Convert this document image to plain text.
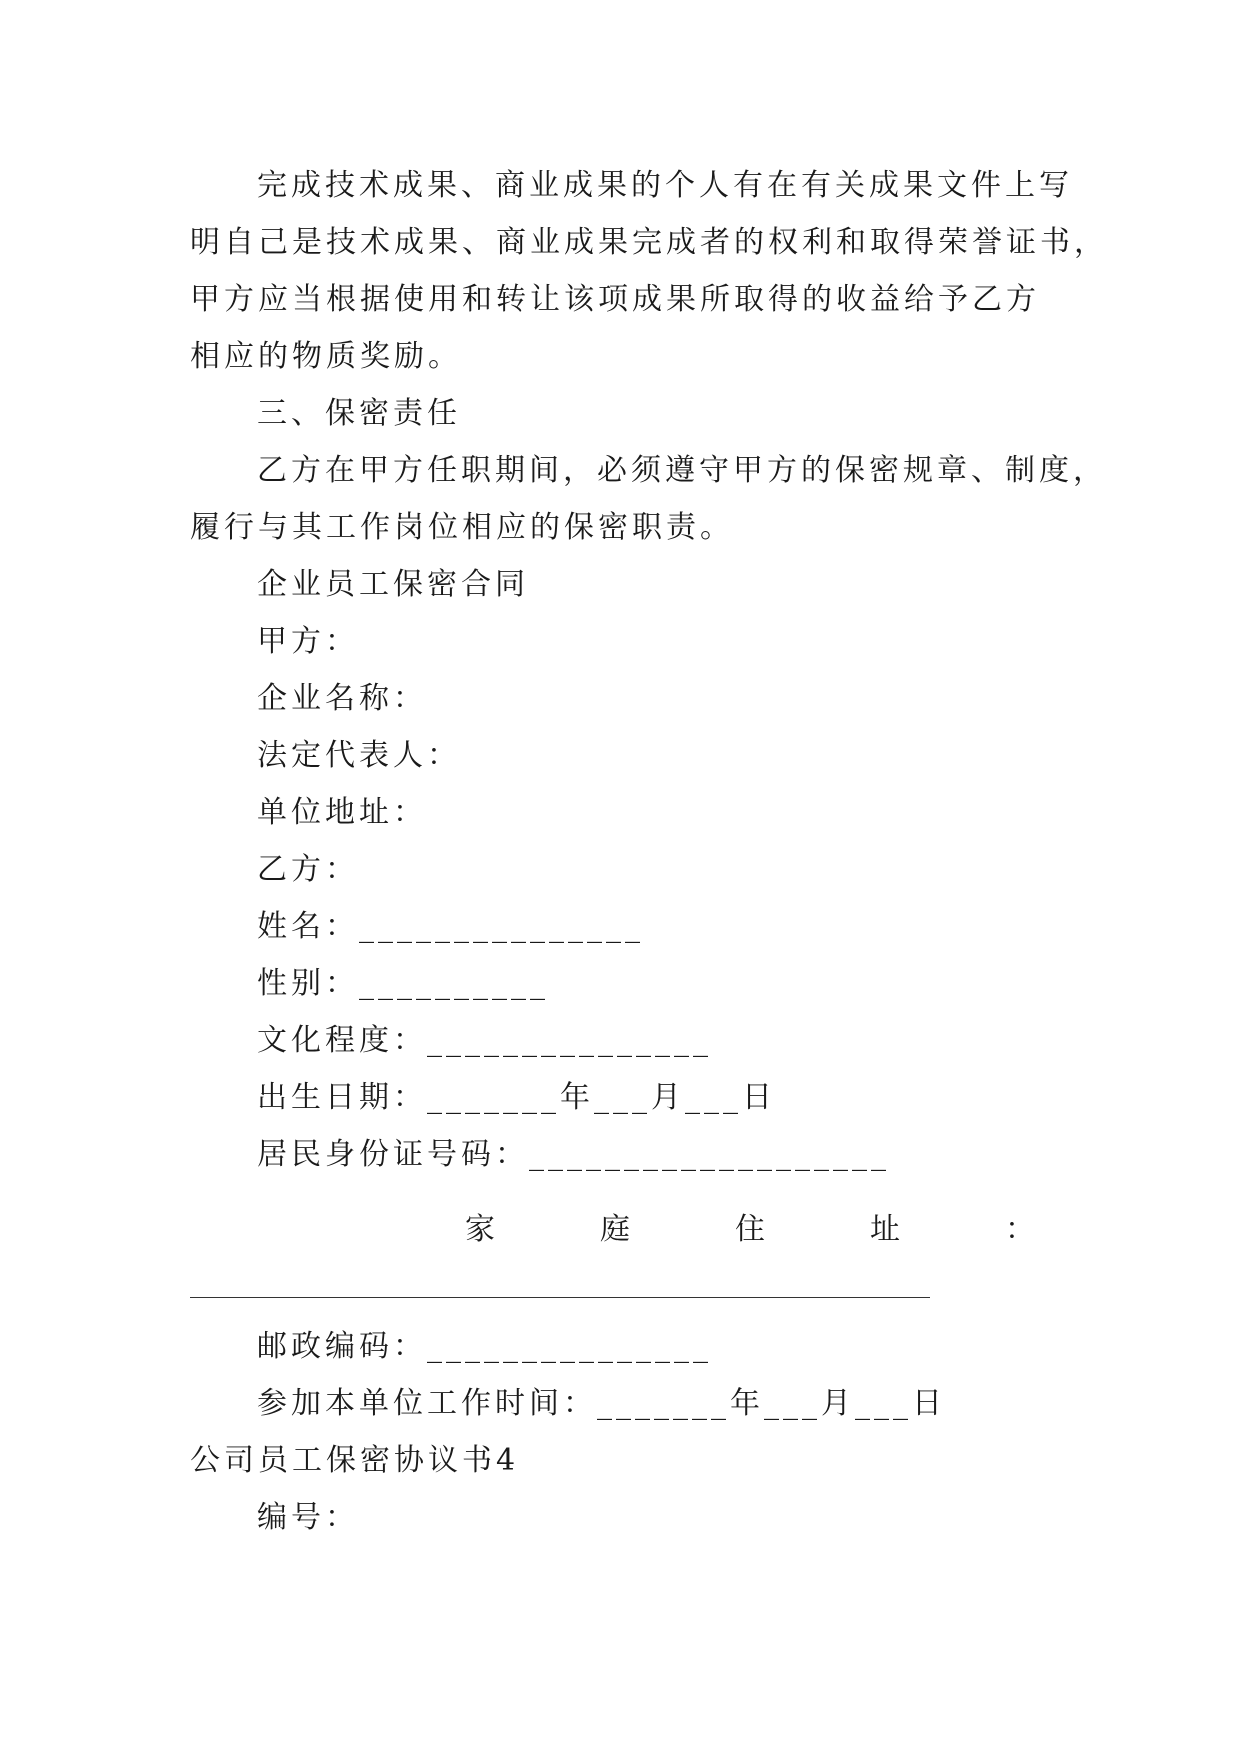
完成技术成果、商业成果的个人有在有关成果文件上写
明自己是技术成果、商业成果完成者的权利和取得荣誉证书，
甲方应当根据使用和转让该项成果所取得的收益给予乙方
相应的物质奖励。
三、保密责任
乙方在甲方任职期间，必须遵守甲方的保密规章、制度，
履行与其工作岗位相应的保密职责。
企业员工保密合同
甲方：
企业名称：
法定代表人：
单位地址：
乙方：
姓名：_______________
性别：__________
文化程度：_______________
出生日期：_______年___月___日
居民身份证号码：___________________
家	庭	住	址	：
邮政编码：_______________
参加本单位工作时间：_______年___月___日
公司员工保密协议书4
编号：
